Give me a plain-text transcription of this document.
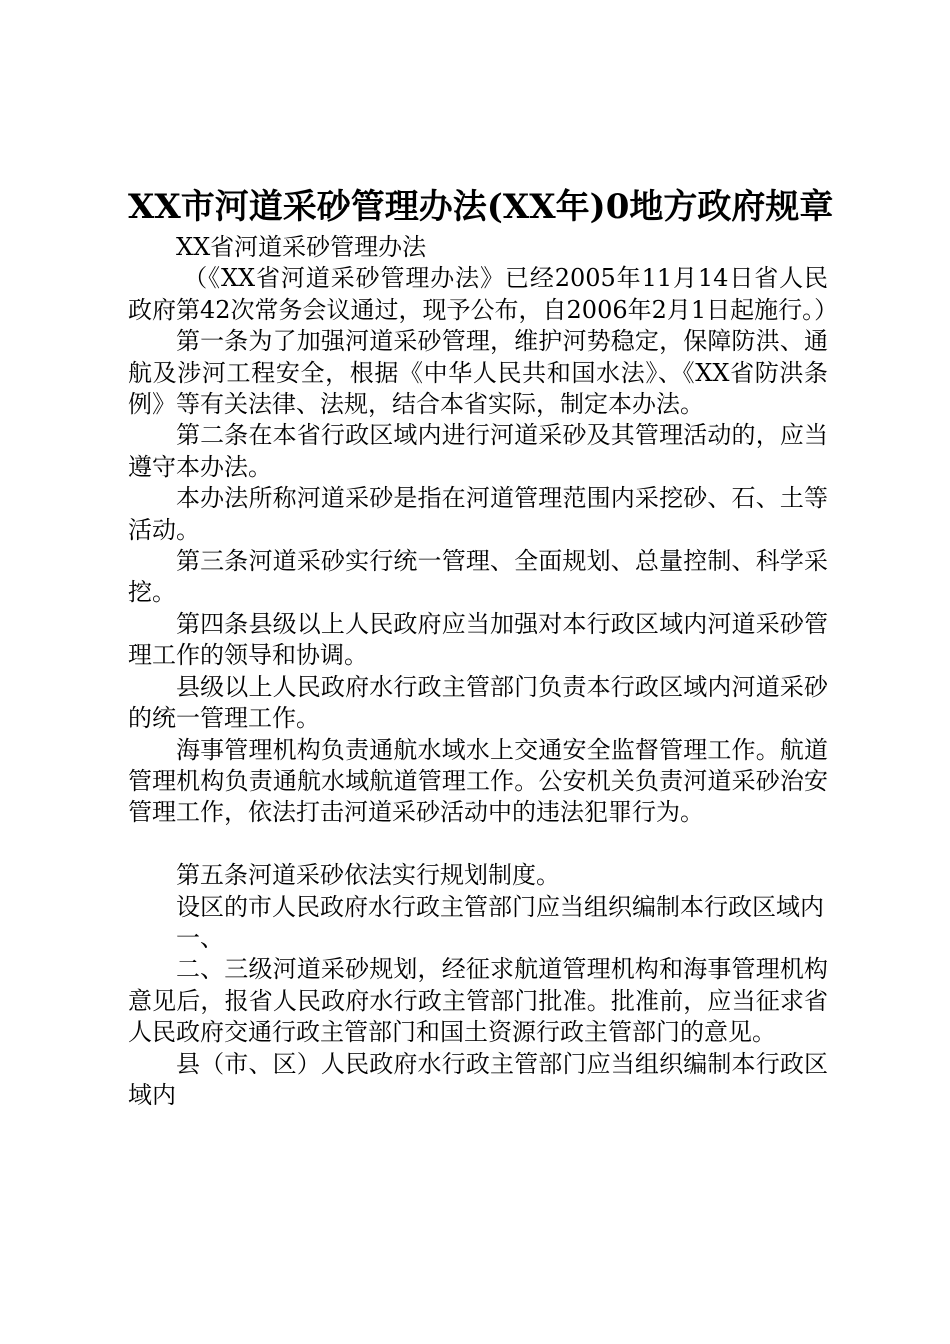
XX市河道采砂管理办法(XX年)0地方政府规章

XX省河道采砂管理办法

（《XX省河道采砂管理办法》已经2005年11月14日省人民政府第42次常务会议通过，现予公布，自2006年2月1日起施行。）

第一条为了加强河道采砂管理，维护河势稳定，保障防洪、通航及涉河工程安全，根据《中华人民共和国水法》、《XX省防洪条例》等有关法律、法规，结合本省实际，制定本办法。

第二条在本省行政区域内进行河道采砂及其管理活动的，应当遵守本办法。

本办法所称河道采砂是指在河道管理范围内采挖砂、石、土等活动。

第三条河道采砂实行统一管理、全面规划、总量控制、科学采挖。

第四条县级以上人民政府应当加强对本行政区域内河道采砂管理工作的领导和协调。

县级以上人民政府水行政主管部门负责本行政区域内河道采砂的统一管理工作。

海事管理机构负责通航水域水上交通安全监督管理工作。航道管理机构负责通航水域航道管理工作。公安机关负责河道采砂治安管理工作，依法打击河道采砂活动中的违法犯罪行为。

第五条河道采砂依法实行规划制度。

设区的市人民政府水行政主管部门应当组织编制本行政区域内

一、

二、三级河道采砂规划，经征求航道管理机构和海事管理机构意见后，报省人民政府水行政主管部门批准。批准前，应当征求省人民政府交通行政主管部门和国土资源行政主管部门的意见。

县（市、区）人民政府水行政主管部门应当组织编制本行政区域内
